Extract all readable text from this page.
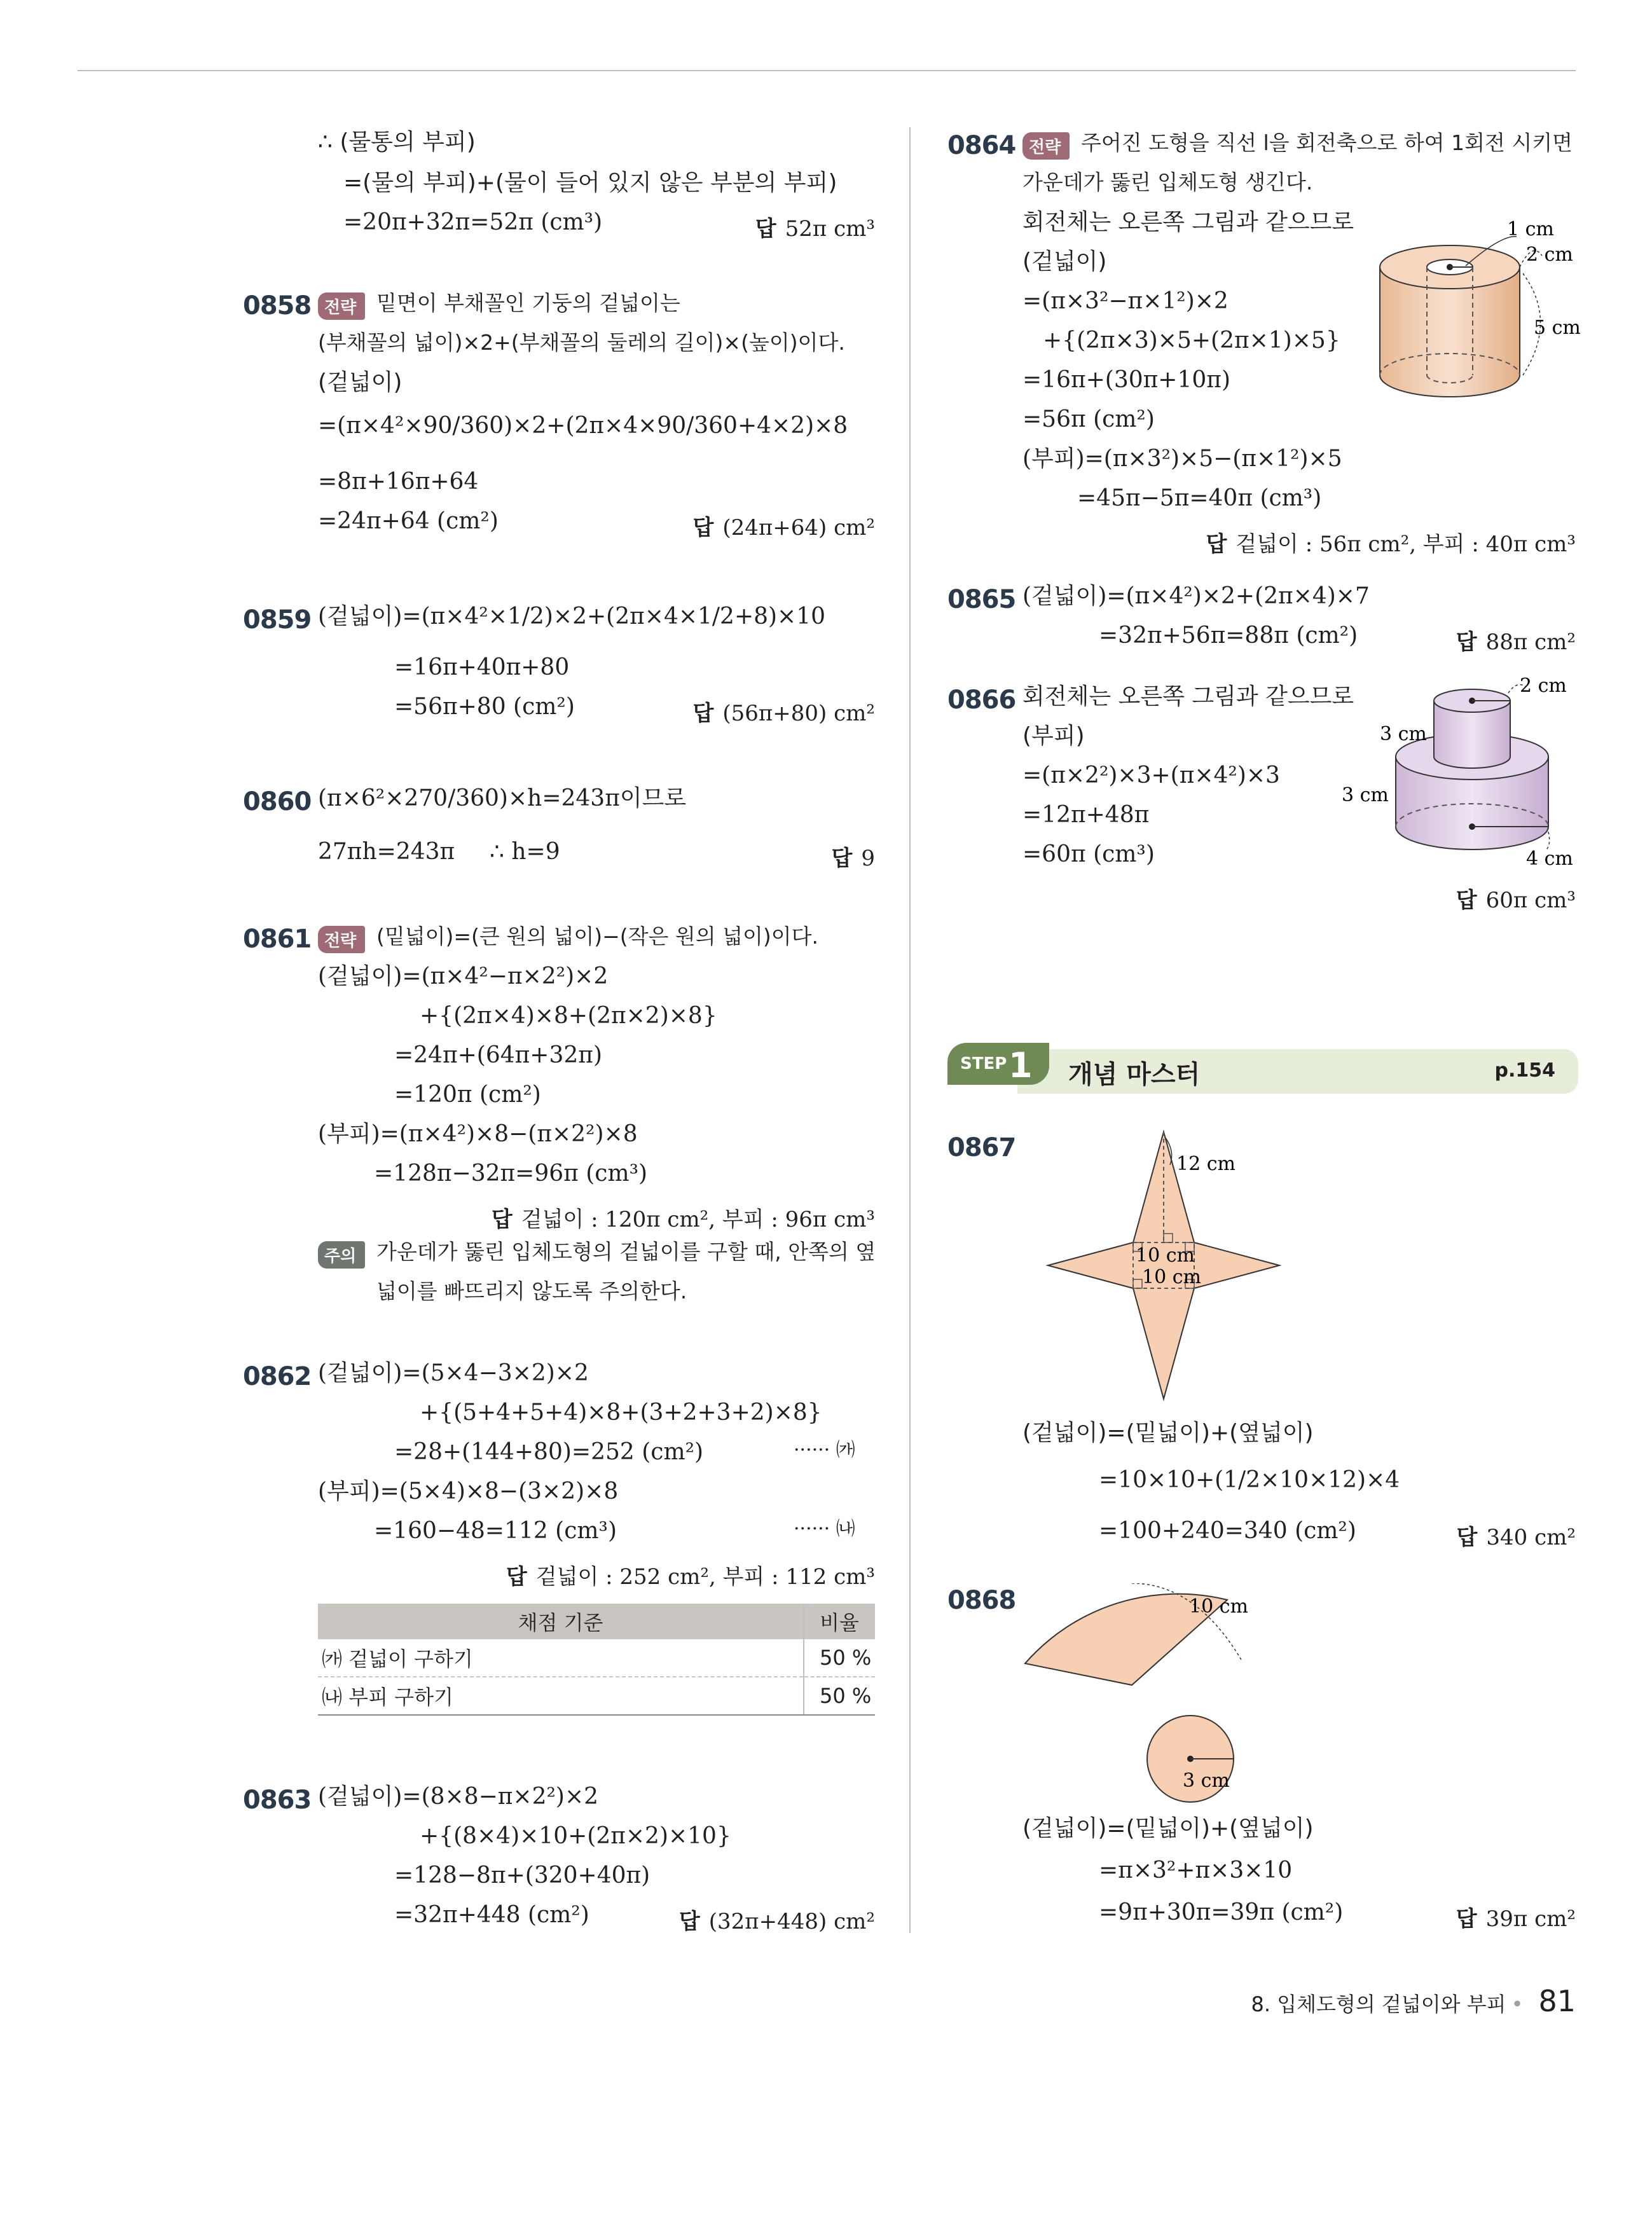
∴ (물통의 부피)
=(물의 부피)+(물이 들어 있지 않은 부분의 부피)
=20π+32π=52π (cm³)	답 52π cm³
0858 전략 밑면이 부채꼴인 기둥의 겉넓이는
(부채꼴의 넓이)×2+(부채꼴의 둘레의 길이)×(높이)이다.
(겉넓이)
=(π×4²×90/360)×2+(2π×4×90/360+4×2)×8
=8π+16π+64
=24π+64 (cm²)	답 (24π+64) cm²
0859 (겉넓이)=(π×4²×1/2)×2+(2π×4×1/2+8)×10
=16π+40π+80
=56π+80 (cm²)	답 (56π+80) cm²
0860 (π×6²×270/360)×h=243π이므로
27πh=243π ∴ h=9	답 9
0861 전략 (밑넓이)=(큰 원의 넓이)−(작은 원의 넓이)이다.
(겉넓이)=(π×4²−π×2²)×2
+{(2π×4)×8+(2π×2)×8}
=24π+(64π+32π)
=120π (cm²)
(부피)=(π×4²)×8−(π×2²)×8
=128π−32π=96π (cm³)
답 겉넓이 : 120π cm², 부피 : 96π cm³
주의 가운데가 뚫린 입체도형의 겉넓이를 구할 때, 안쪽의 옆
넓이를 빠뜨리지 않도록 주의한다.
0862 (겉넓이)=(5×4−3×2)×2
+{(5+4+5+4)×8+(3+2+3+2)×8}
=28+(144+80)=252 (cm²)	······ ㈎
(부피)=(5×4)×8−(3×2)×8
=160−48=112 (cm³)	······ ㈏
답 겉넓이 : 252 cm², 부피 : 112 cm³
채점 기준	비율
㈎ 겉넓이 구하기	50 %
㈏ 부피 구하기	50 %
0863 (겉넓이)=(8×8−π×2²)×2
+{(8×4)×10+(2π×2)×10}
=128−8π+(320+40π)
=32π+448 (cm²)	답 (32π+448) cm²
0864 전략 주어진 도형을 직선 l을 회전축으로 하여 1회전 시키면
가운데가 뚫린 입체도형 생긴다.
회전체는 오른쪽 그림과 같으므로
(겉넓이)
=(π×3²−π×1²)×2
+{(2π×3)×5+(2π×1)×5}
=16π+(30π+10π)
=56π (cm²)
(부피)=(π×3²)×5−(π×1²)×5
=45π−5π=40π (cm³)
답 겉넓이 : 56π cm², 부피 : 40π cm³
1 cm
2 cm
5 cm
0865 (겉넓이)=(π×4²)×2+(2π×4)×7
=32π+56π=88π (cm²)	답 88π cm²
0866 회전체는 오른쪽 그림과 같으므로
(부피)
=(π×2²)×3+(π×4²)×3
=12π+48π
=60π (cm³)
답 60π cm³
2 cm
3 cm
3 cm
4 cm
STEP 1 개념 마스터	p.154
0867
12 cm
10 cm
10 cm
(겉넓이)=(밑넓이)+(옆넓이)
=10×10+(1/2×10×12)×4
=100+240=340 (cm²)	답 340 cm²
0868	10 cm
3 cm
(겉넓이)=(밑넓이)+(옆넓이)
=π×3²+π×3×10
=9π+30π=39π (cm²)	답 39π cm²
8. 입체도형의 겉넓이와 부피 • 81
